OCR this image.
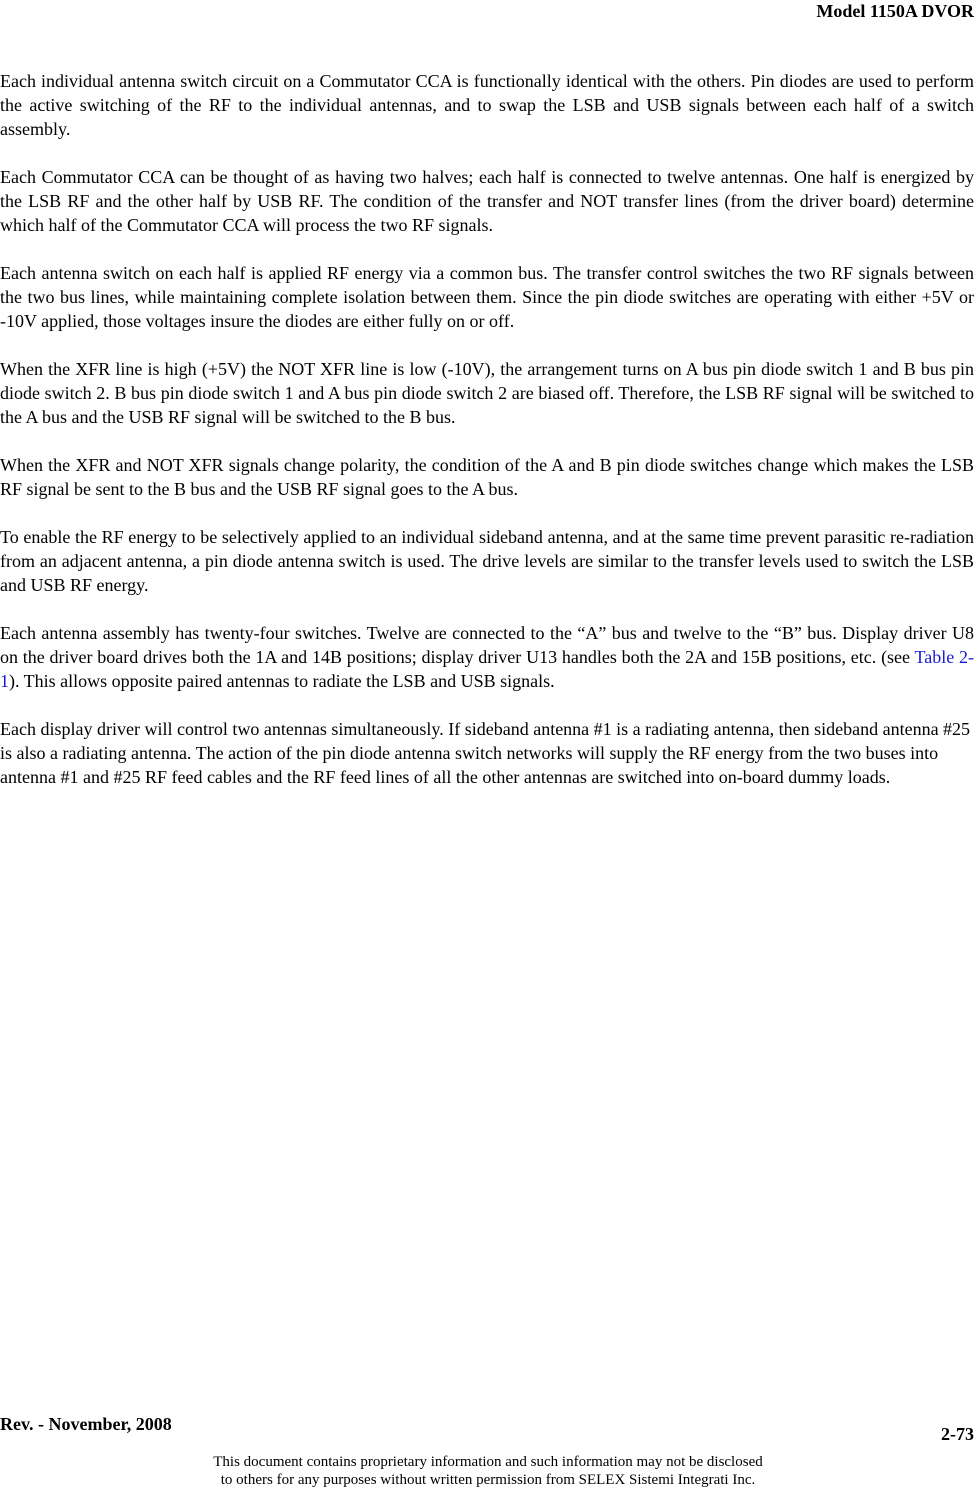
Model 1150A DVOR

Each individual antenna switch circuit on a Commutator CCA is functionally identical with the others. Pin diodes are used to perform the active switching of the RF to the individual antennas, and to swap the LSB and USB signals between each half of a switch assembly.

Each Commutator CCA can be thought of as having two halves; each half is connected to twelve antennas. One half is energized by the LSB RF and the other half by USB RF. The condition of the transfer and NOT transfer lines (from the driver board) determine which half of the Commutator CCA will process the two RF signals.

Each antenna switch on each half is applied RF energy via a common bus. The transfer control switches the two RF signals between the two bus lines, while maintaining complete isolation between them. Since the pin diode switches are operating with either +5V or -10V applied, those voltages insure the diodes are either fully on or off.

When the XFR line is high (+5V) the NOT XFR line is low (-10V), the arrangement turns on A bus pin diode switch 1 and B bus pin diode switch 2. B bus pin diode switch 1 and A bus pin diode switch 2 are biased off. Therefore, the LSB RF signal will be switched to the A bus and the USB RF signal will be switched to the B bus.

When the XFR and NOT XFR signals change polarity, the condition of the A and B pin diode switches change which makes the LSB RF signal be sent to the B bus and the USB RF signal goes to the A bus.

To enable the RF energy to be selectively applied to an individual sideband antenna, and at the same time prevent parasitic re-radiation from an adjacent antenna, a pin diode antenna switch is used. The drive levels are similar to the transfer levels used to switch the LSB and USB RF energy.

Each antenna assembly has twenty-four switches. Twelve are connected to the “A” bus and twelve to the “B” bus. Display driver U8 on the driver board drives both the 1A and 14B positions; display driver U13 handles both the 2A and 15B positions, etc. (see Table 2-1). This allows opposite paired antennas to radiate the LSB and USB signals.

Each display driver will control two antennas simultaneously. If sideband antenna #1 is a radiating antenna, then sideband antenna #25 is also a radiating antenna. The action of the pin diode antenna switch networks will supply the RF energy from the two buses into antenna #1 and #25 RF feed cables and the RF feed lines of all the other antennas are switched into on-board dummy loads.

Rev. - November, 2008	2-73
This document contains proprietary information and such information may not be disclosed
to others for any purposes without written permission from SELEX Sistemi Integrati Inc.
